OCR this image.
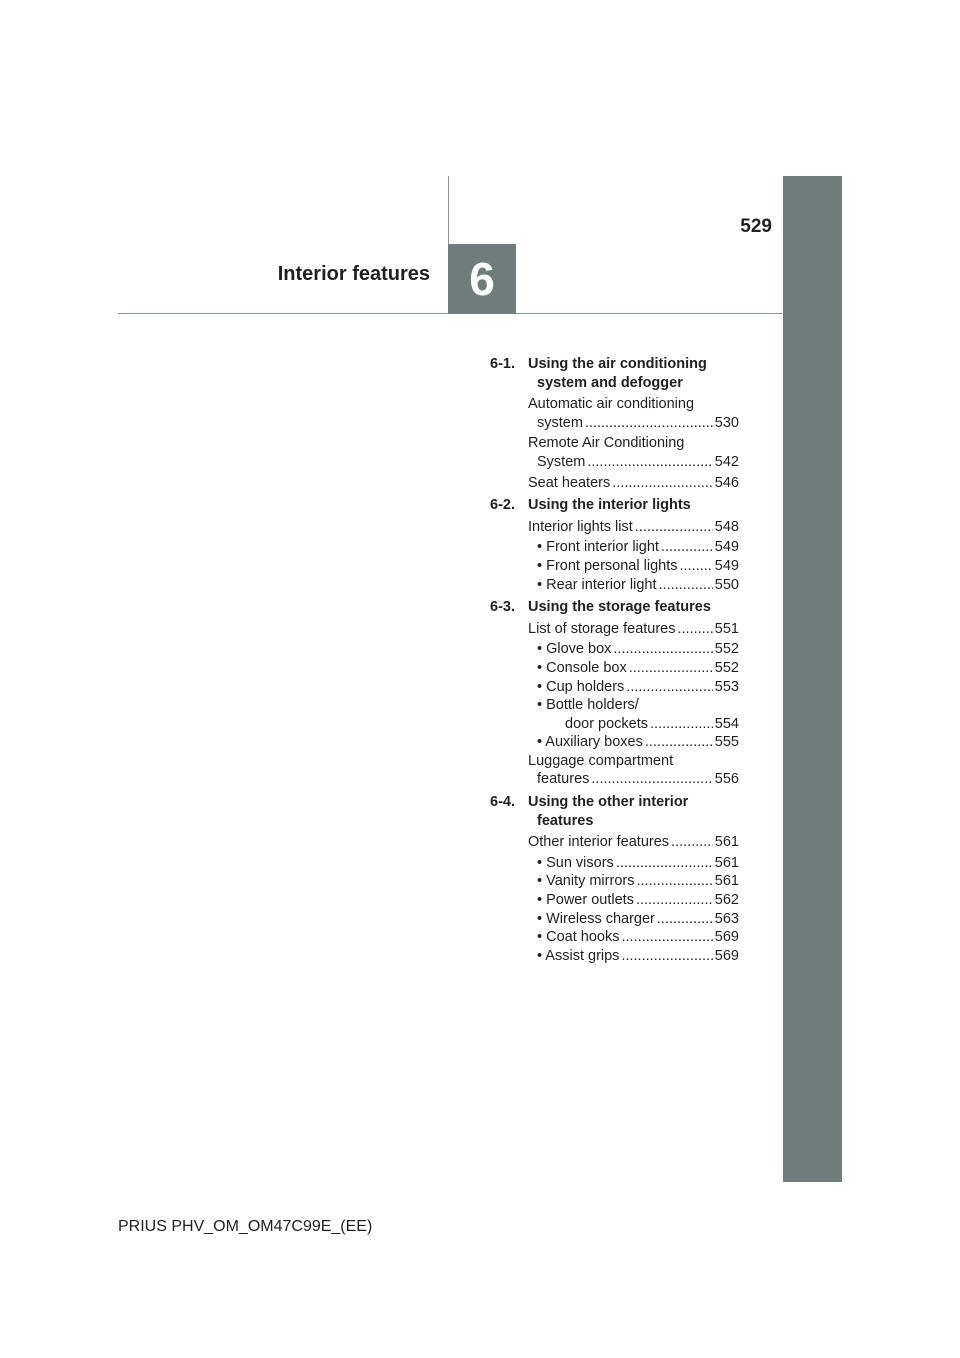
529
6
Interior features
6-1. Using the air conditioning
system and defogger
Automatic air conditioning
system .....	530
Remote Air Conditioning
System .....	542
Seat heaters .....	546
6-2. Using the interior lights
Interior lights list .....	548
• Front interior light .....	549
• Front personal lights .....	549
• Rear interior light .....	550
6-3. Using the storage features
List of storage features .....	551
• Glove box .....	552
• Console box .....	552
• Cup holders .....	553
• Bottle holders/
door pockets .....	554
• Auxiliary boxes .....	555
Luggage compartment
features .....	556
6-4. Using the other interior
features
Other interior features .....	561
• Sun visors .....	561
• Vanity mirrors .....	561
• Power outlets .....	562
• Wireless charger .....	563
• Coat hooks .....	569
• Assist grips .....	569
PRIUS PHV_OM_OM47C99E_(EE)
